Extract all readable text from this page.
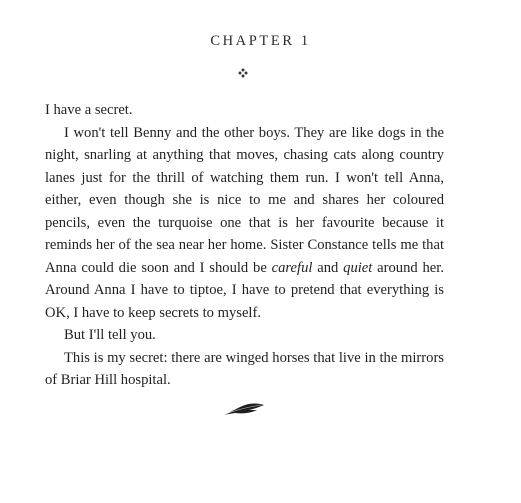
CHAPTER 1

I have a secret.

I won't tell Benny and the other boys. They are like dogs in the night, snarling at anything that moves, chasing cats along country lanes just for the thrill of watching them run. I won't tell Anna, either, even though she is nice to me and shares her coloured pencils, even the turquoise one that is her favourite because it reminds her of the sea near her home. Sister Constance tells me that Anna could die soon and I should be careful and quiet around her. Around Anna I have to tiptoe, I have to pretend that everything is OK, I have to keep secrets to myself.

But I'll tell you.

This is my secret: there are winged horses that live in the mirrors of Briar Hill hospital.
